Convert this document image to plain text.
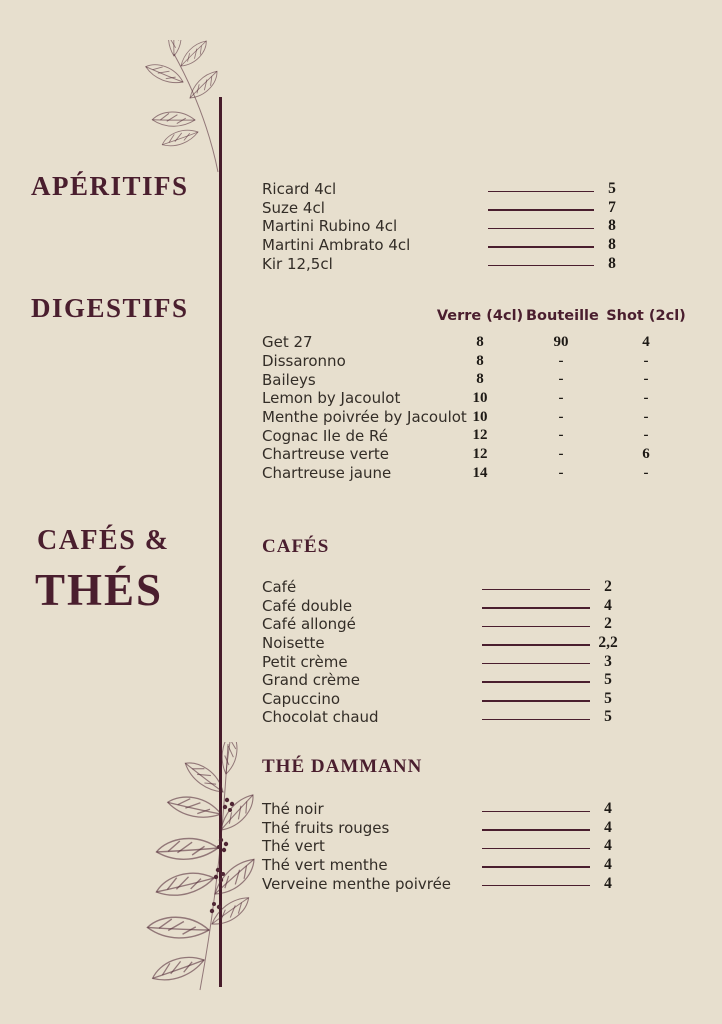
APÉRITIFS
DIGESTIFS
CAFÉS &
THÉS
Ricard 4cl	5
Suze 4cl	7
Martini Rubino 4cl	8
Martini Ambrato 4cl	8
Kir 12,5cl	8
Verre (4cl) Bouteille Shot (2cl)
Get 27	8	90	4
Dissaronno	8	-	-
Baileys	8	-	-
Lemon by Jacoulot	10	-	-
Menthe poivrée by Jacoulot 10	-	-
Cognac Ile de Ré	12	-	-
Chartreuse verte	12	-	6
Chartreuse jaune	14	-	-
CAFÉS
Café	2
Café double	4
Café allongé	2
Noisette	2,2
Petit crème	3
Grand crème	5
Capuccino	5
Chocolat chaud	5
THÉ DAMMANN
Thé noir	4
Thé fruits rouges	4
Thé vert	4
Thé vert menthe	4
Verveine menthe poivrée	4
